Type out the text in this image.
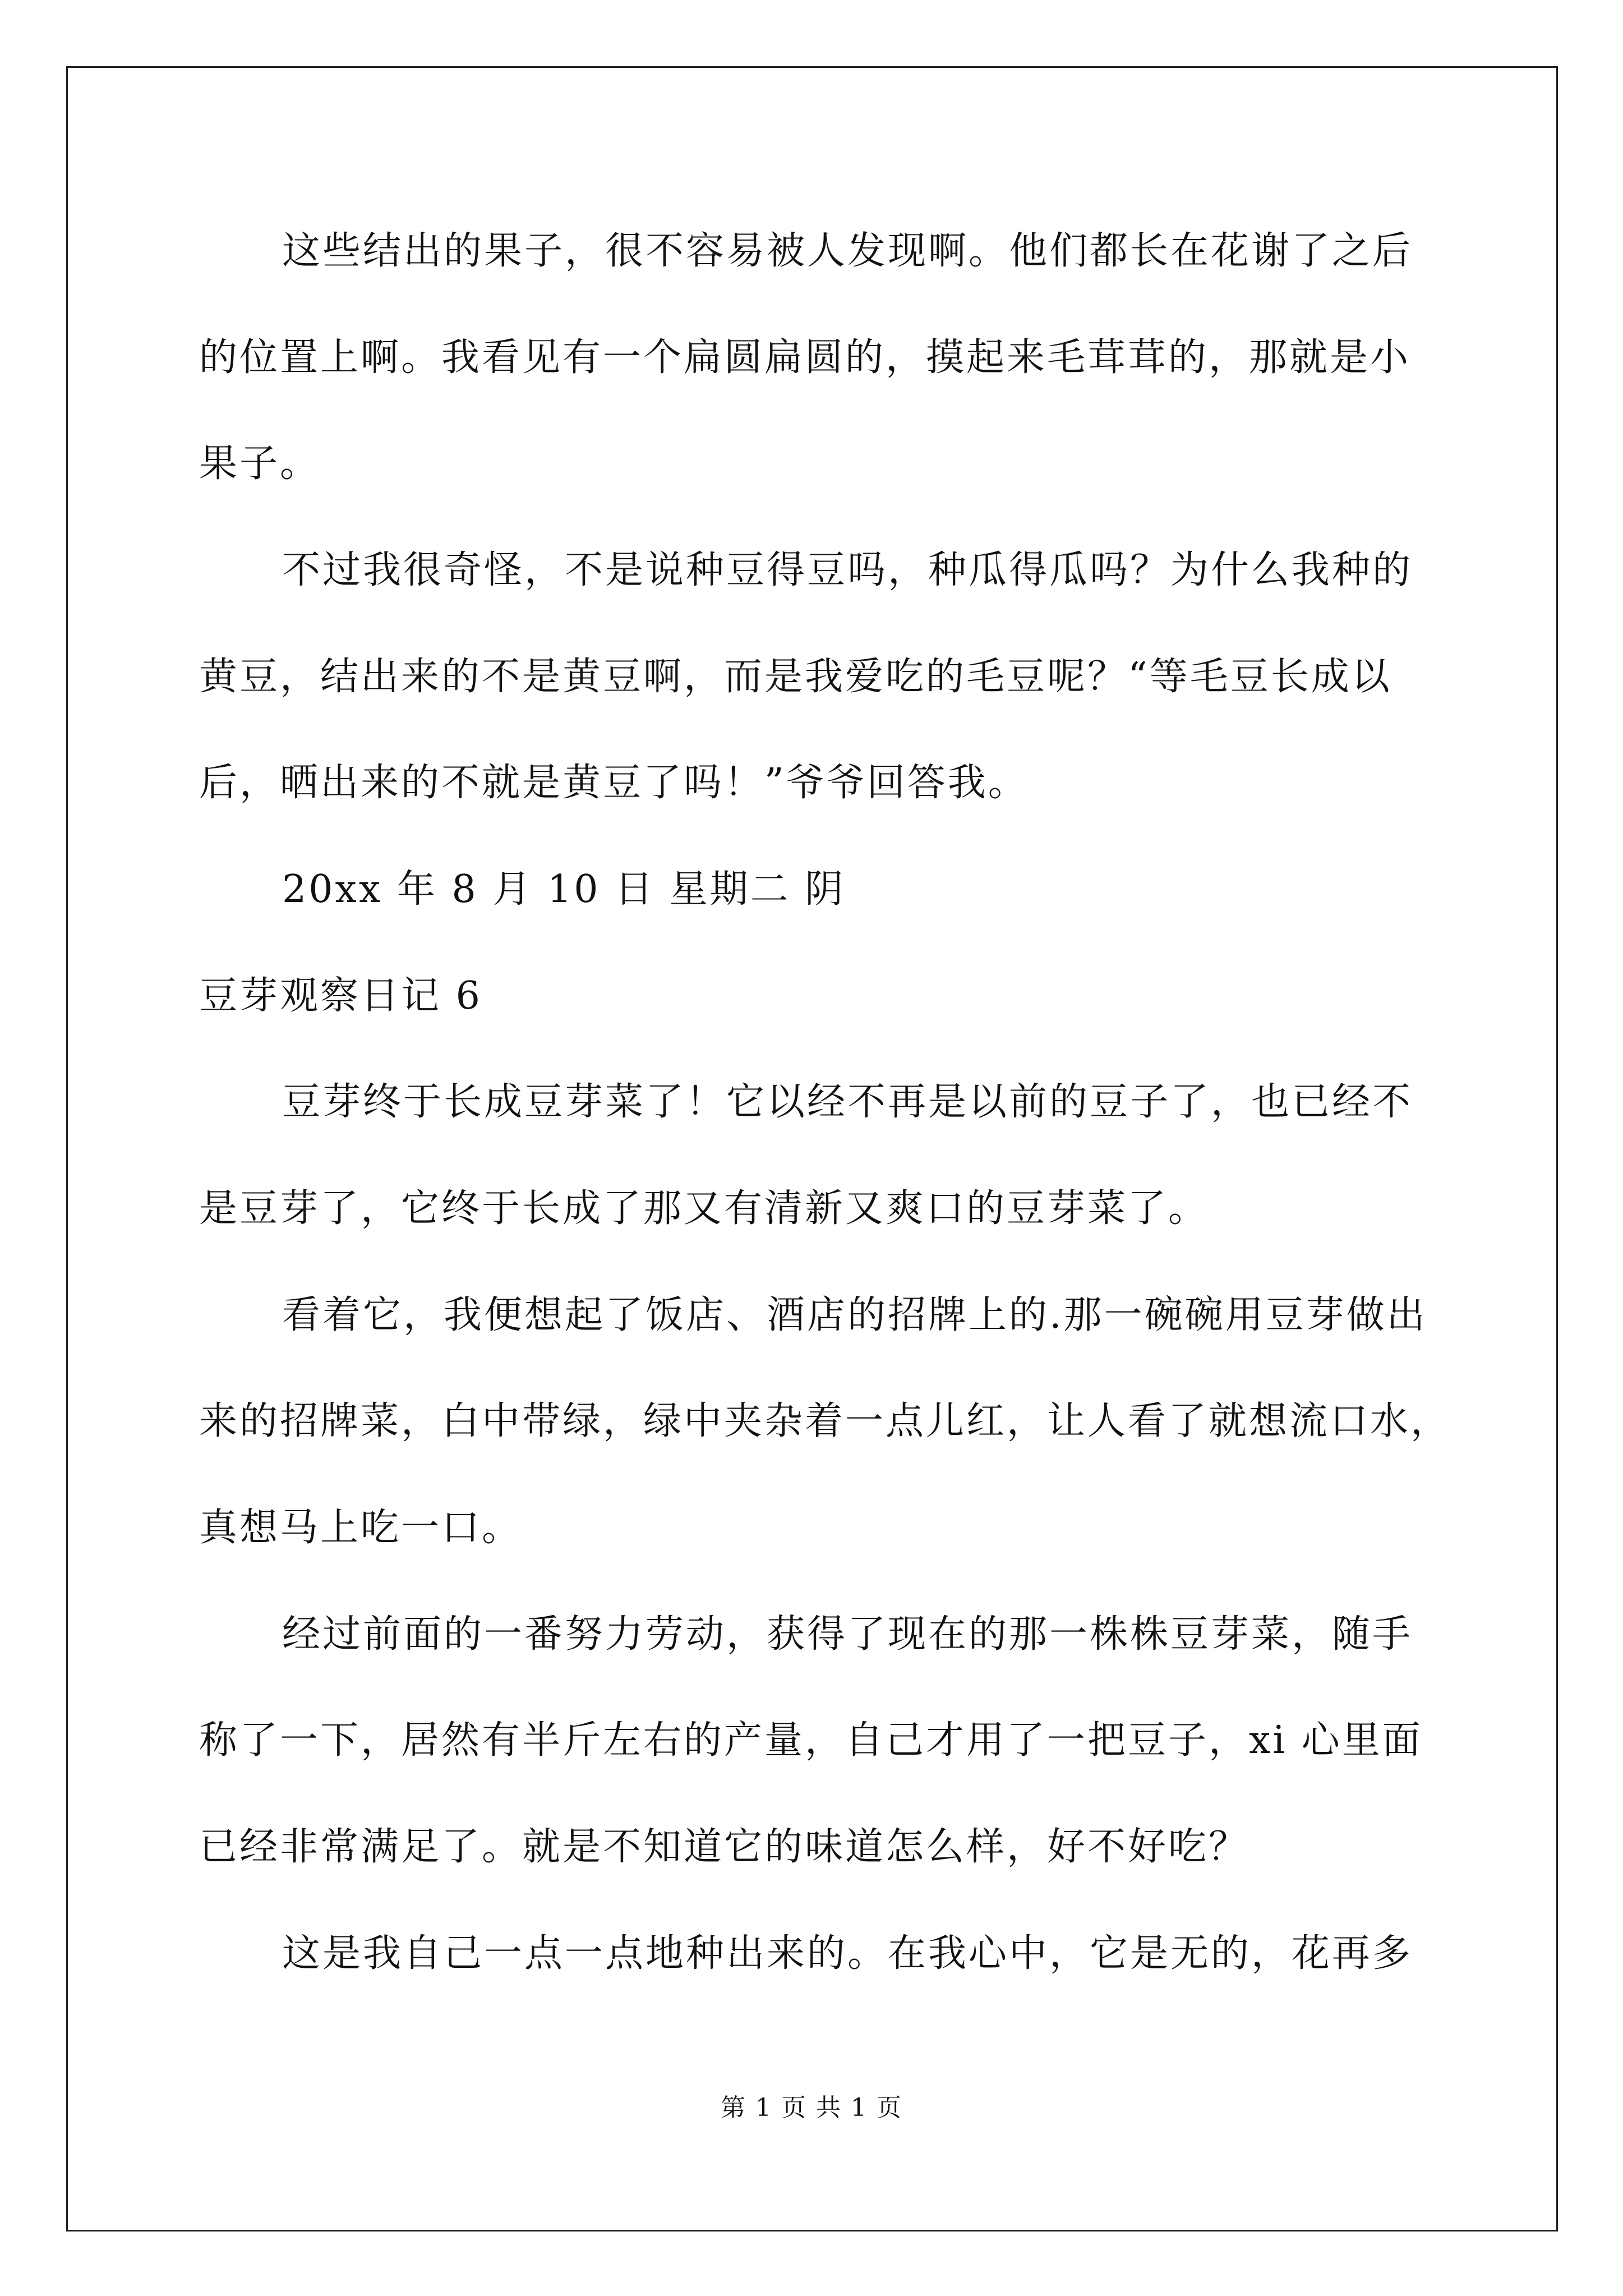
这些结出的果子，很不容易被人发现啊。他们都长在花谢了之后
的位置上啊。我看见有一个扁圆扁圆的，摸起来毛茸茸的，那就是小
果子。
不过我很奇怪，不是说种豆得豆吗，种瓜得瓜吗？为什么我种的
黄豆，结出来的不是黄豆啊，而是我爱吃的毛豆呢？“等毛豆长成以
后，晒出来的不就是黄豆了吗！”爷爷回答我。
20xx 年 8 月 10 日 星期二 阴
豆芽观察日记 6
豆芽终于长成豆芽菜了！它以经不再是以前的豆子了，也已经不
是豆芽了，它终于长成了那又有清新又爽口的豆芽菜了。
看着它，我便想起了饭店、酒店的招牌上的.那一碗碗用豆芽做出
来的招牌菜，白中带绿，绿中夹杂着一点儿红，让人看了就想流口水，
真想马上吃一口。
经过前面的一番努力劳动，获得了现在的那一株株豆芽菜，随手
称了一下，居然有半斤左右的产量，自己才用了一把豆子，xi 心里面
已经非常满足了。就是不知道它的味道怎么样，好不好吃？
这是我自己一点一点地种出来的。在我心中，它是无的，花再多
第 1 页 共 1 页
